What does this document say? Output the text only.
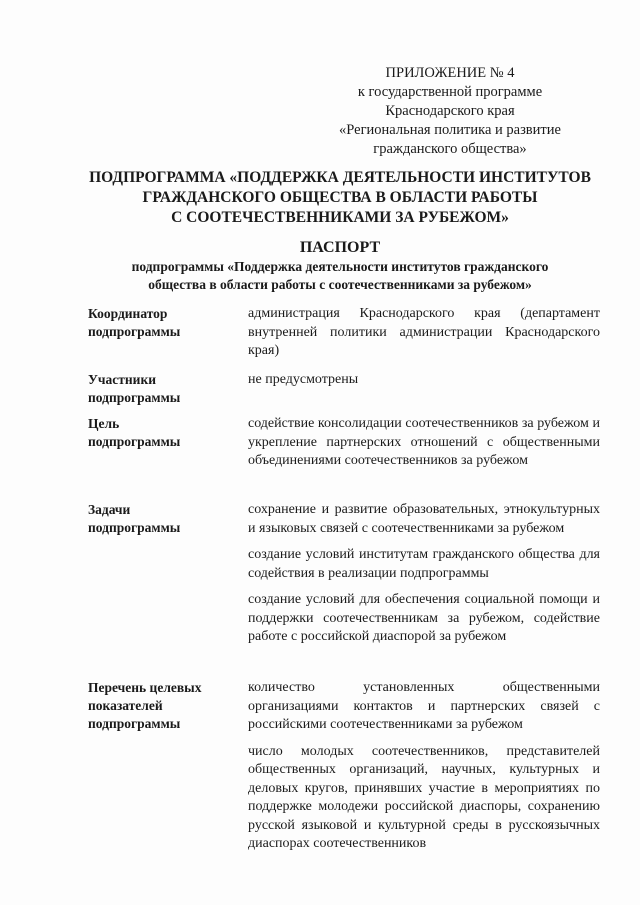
ПРИЛОЖЕНИЕ № 4
к государственной программе
Краснодарского края
«Региональная политика и развитие
гражданского общества»
ПОДПРОГРАММА «ПОДДЕРЖКА ДЕЯТЕЛЬНОСТИ ИНСТИТУТОВ
ГРАЖДАНСКОГО ОБЩЕСТВА В ОБЛАСТИ РАБОТЫ
С СООТЕЧЕСТВЕННИКАМИ ЗА РУБЕЖОМ»
ПАСПОРТ
подпрограммы «Поддержка деятельности институтов гражданского
общества в области работы с соотечественниками за рубежом»
Координатор
подпрограммы
администрация Краснодарского края (департамент внутренней политики администрации Краснодарского края)
Участники
подпрограммы
не предусмотрены
Цель
подпрограммы
содействие консолидации соотечественников за рубежом и укрепление партнерских отношений с общественными объединениями соотечественников за рубежом
Задачи
подпрограммы
сохранение и развитие образовательных, этнокультурных и языковых связей с соотечественниками за рубежом
создание условий институтам гражданского общества для содействия в реализации подпрограммы
создание условий для обеспечения социальной помощи и поддержки соотечественникам за рубежом, содействие работе с российской диаспорой за рубежом
Перечень целевых
показателей
подпрограммы
количество установленных общественными организациями контактов и партнерских связей с российскими соотечественниками за рубежом
число молодых соотечественников, представителей общественных организаций, научных, культурных и деловых кругов, принявших участие в мероприятиях по поддержке молодежи российской диаспоры, сохранению русской языковой и культурной среды в русскоязычных диаспорах соотечественников
